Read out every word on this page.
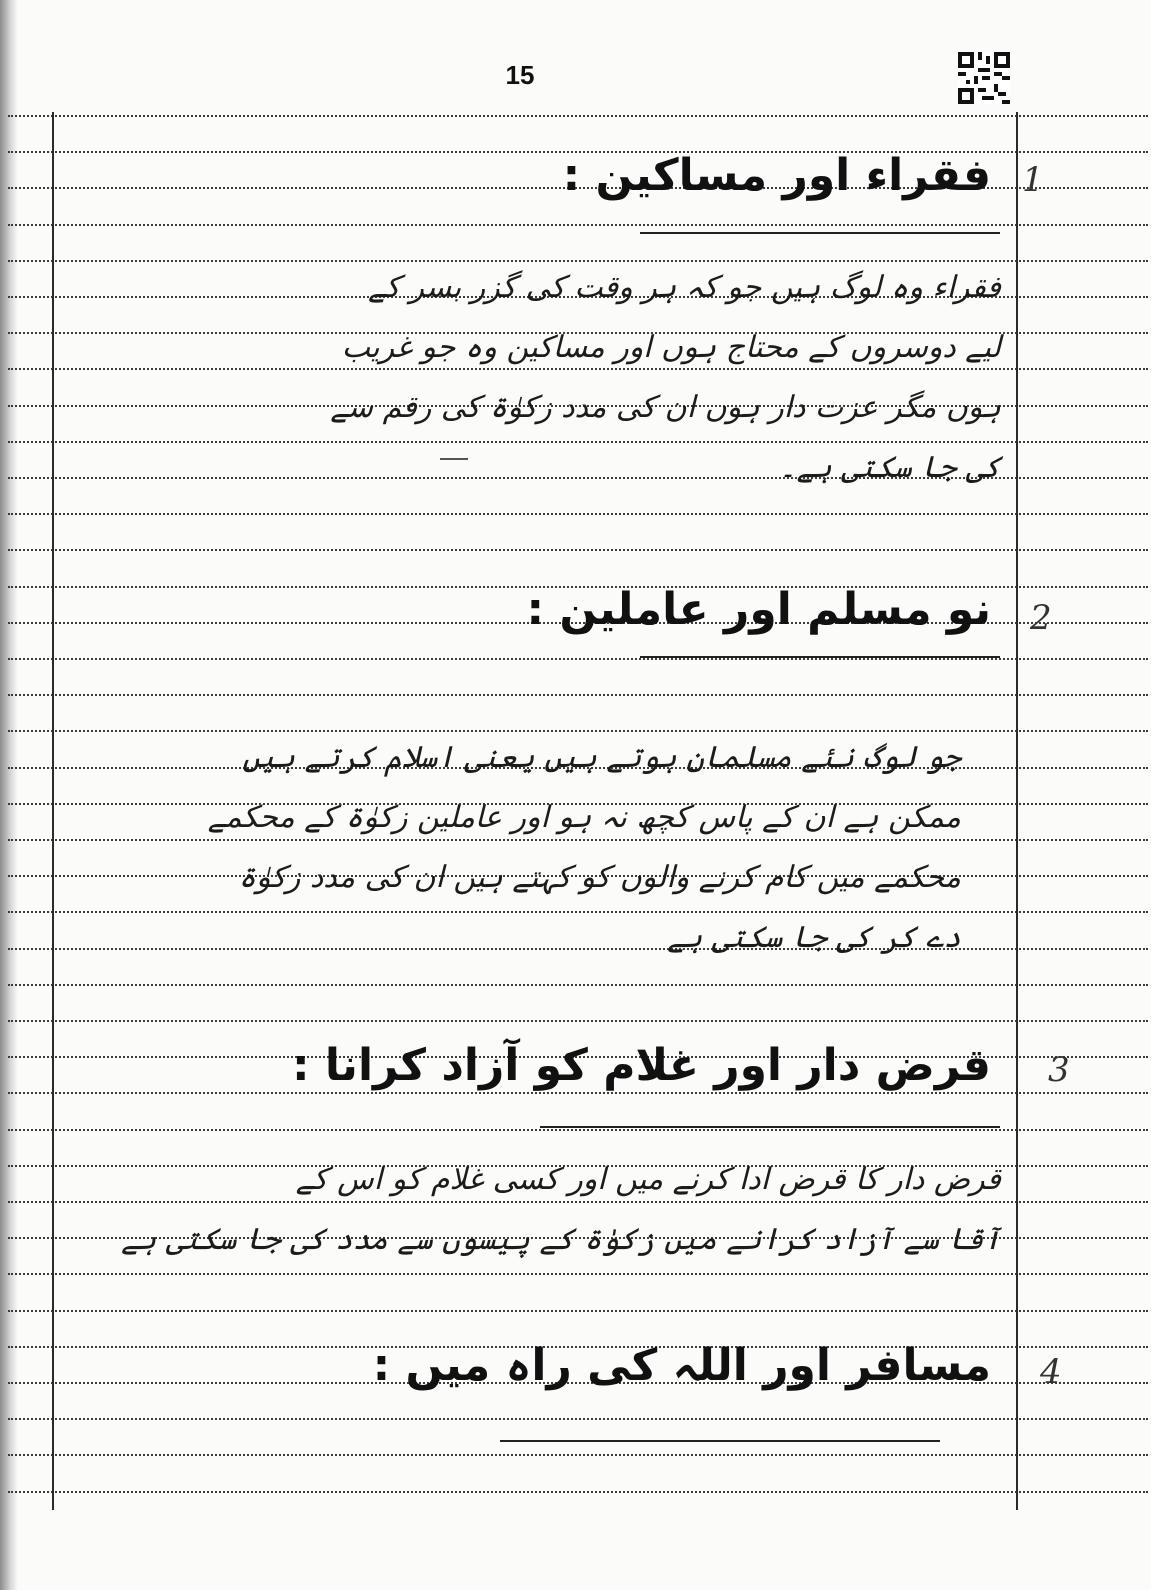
15
1
فقراء اور مساکین :
فقراء وہ لوگ ہیں جو کہ ہر وقت کی گزر بسر کے
لیے دوسروں کے محتاج ہوں اور مساکین وہ جو غریب
ہوں مگر عزت دار ہوں ان کی مدد زکوٰۃ کی رقم سے
کی جا سکتی ہے۔
2
نو مسلم اور عاملین :
جو لوگ نئے مسلمان ہوتے ہیں یعنی اسلام کرتے ہیں
ممکن ہے ان کے پاس کچھ نہ ہو اور عاملین زکوٰۃ کے محکمے
محکمے میں کام کرنے والوں کو کہتے ہیں ان کی مدد زکوٰۃ
دے کر کی جا سکتی ہے
3
قرض دار اور غلام کو آزاد کرانا :
قرض دار کا قرض ادا کرنے میں اور کسی غلام کو اس کے
آقا سے آزاد کرانے میں زکوٰۃ کے پیسوں سے مدد کی جا سکتی ہے
4
مسافر اور اللہ کی راہ میں :
